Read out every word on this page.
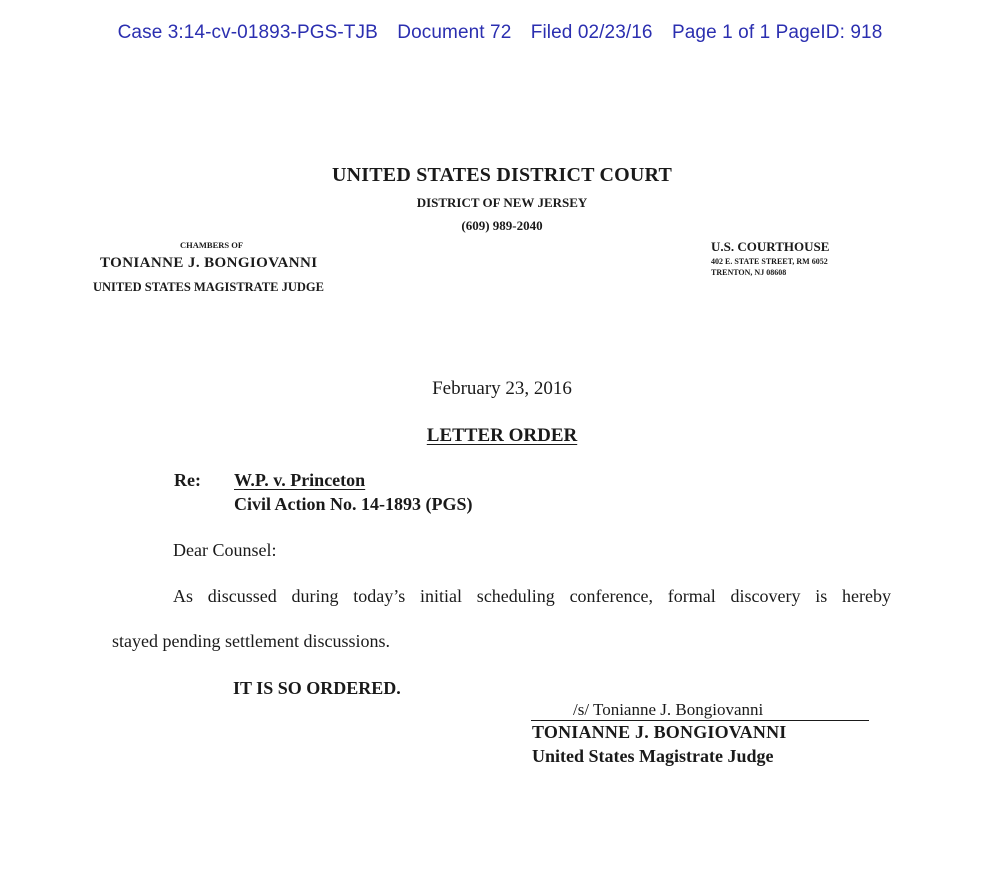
Case 3:14-cv-01893-PGS-TJB Document 72 Filed 02/23/16 Page 1 of 1 PageID: 918
UNITED STATES DISTRICT COURT
DISTRICT OF NEW JERSEY
(609) 989-2040
CHAMBERS OF
TONIANNE J. BONGIOVANNI
UNITED STATES MAGISTRATE JUDGE
U.S. COURTHOUSE
402 E. STATE STREET, RM 6052
TRENTON, NJ 08608
February 23, 2016
LETTER ORDER
Re: W.P. v. Princeton
Civil Action No. 14-1893 (PGS)
Dear Counsel:
As discussed during today’s initial scheduling conference, formal discovery is hereby
stayed pending settlement discussions.
IT IS SO ORDERED.
/s/ Tonianne J. Bongiovanni
TONIANNE J. BONGIOVANNI
United States Magistrate Judge
